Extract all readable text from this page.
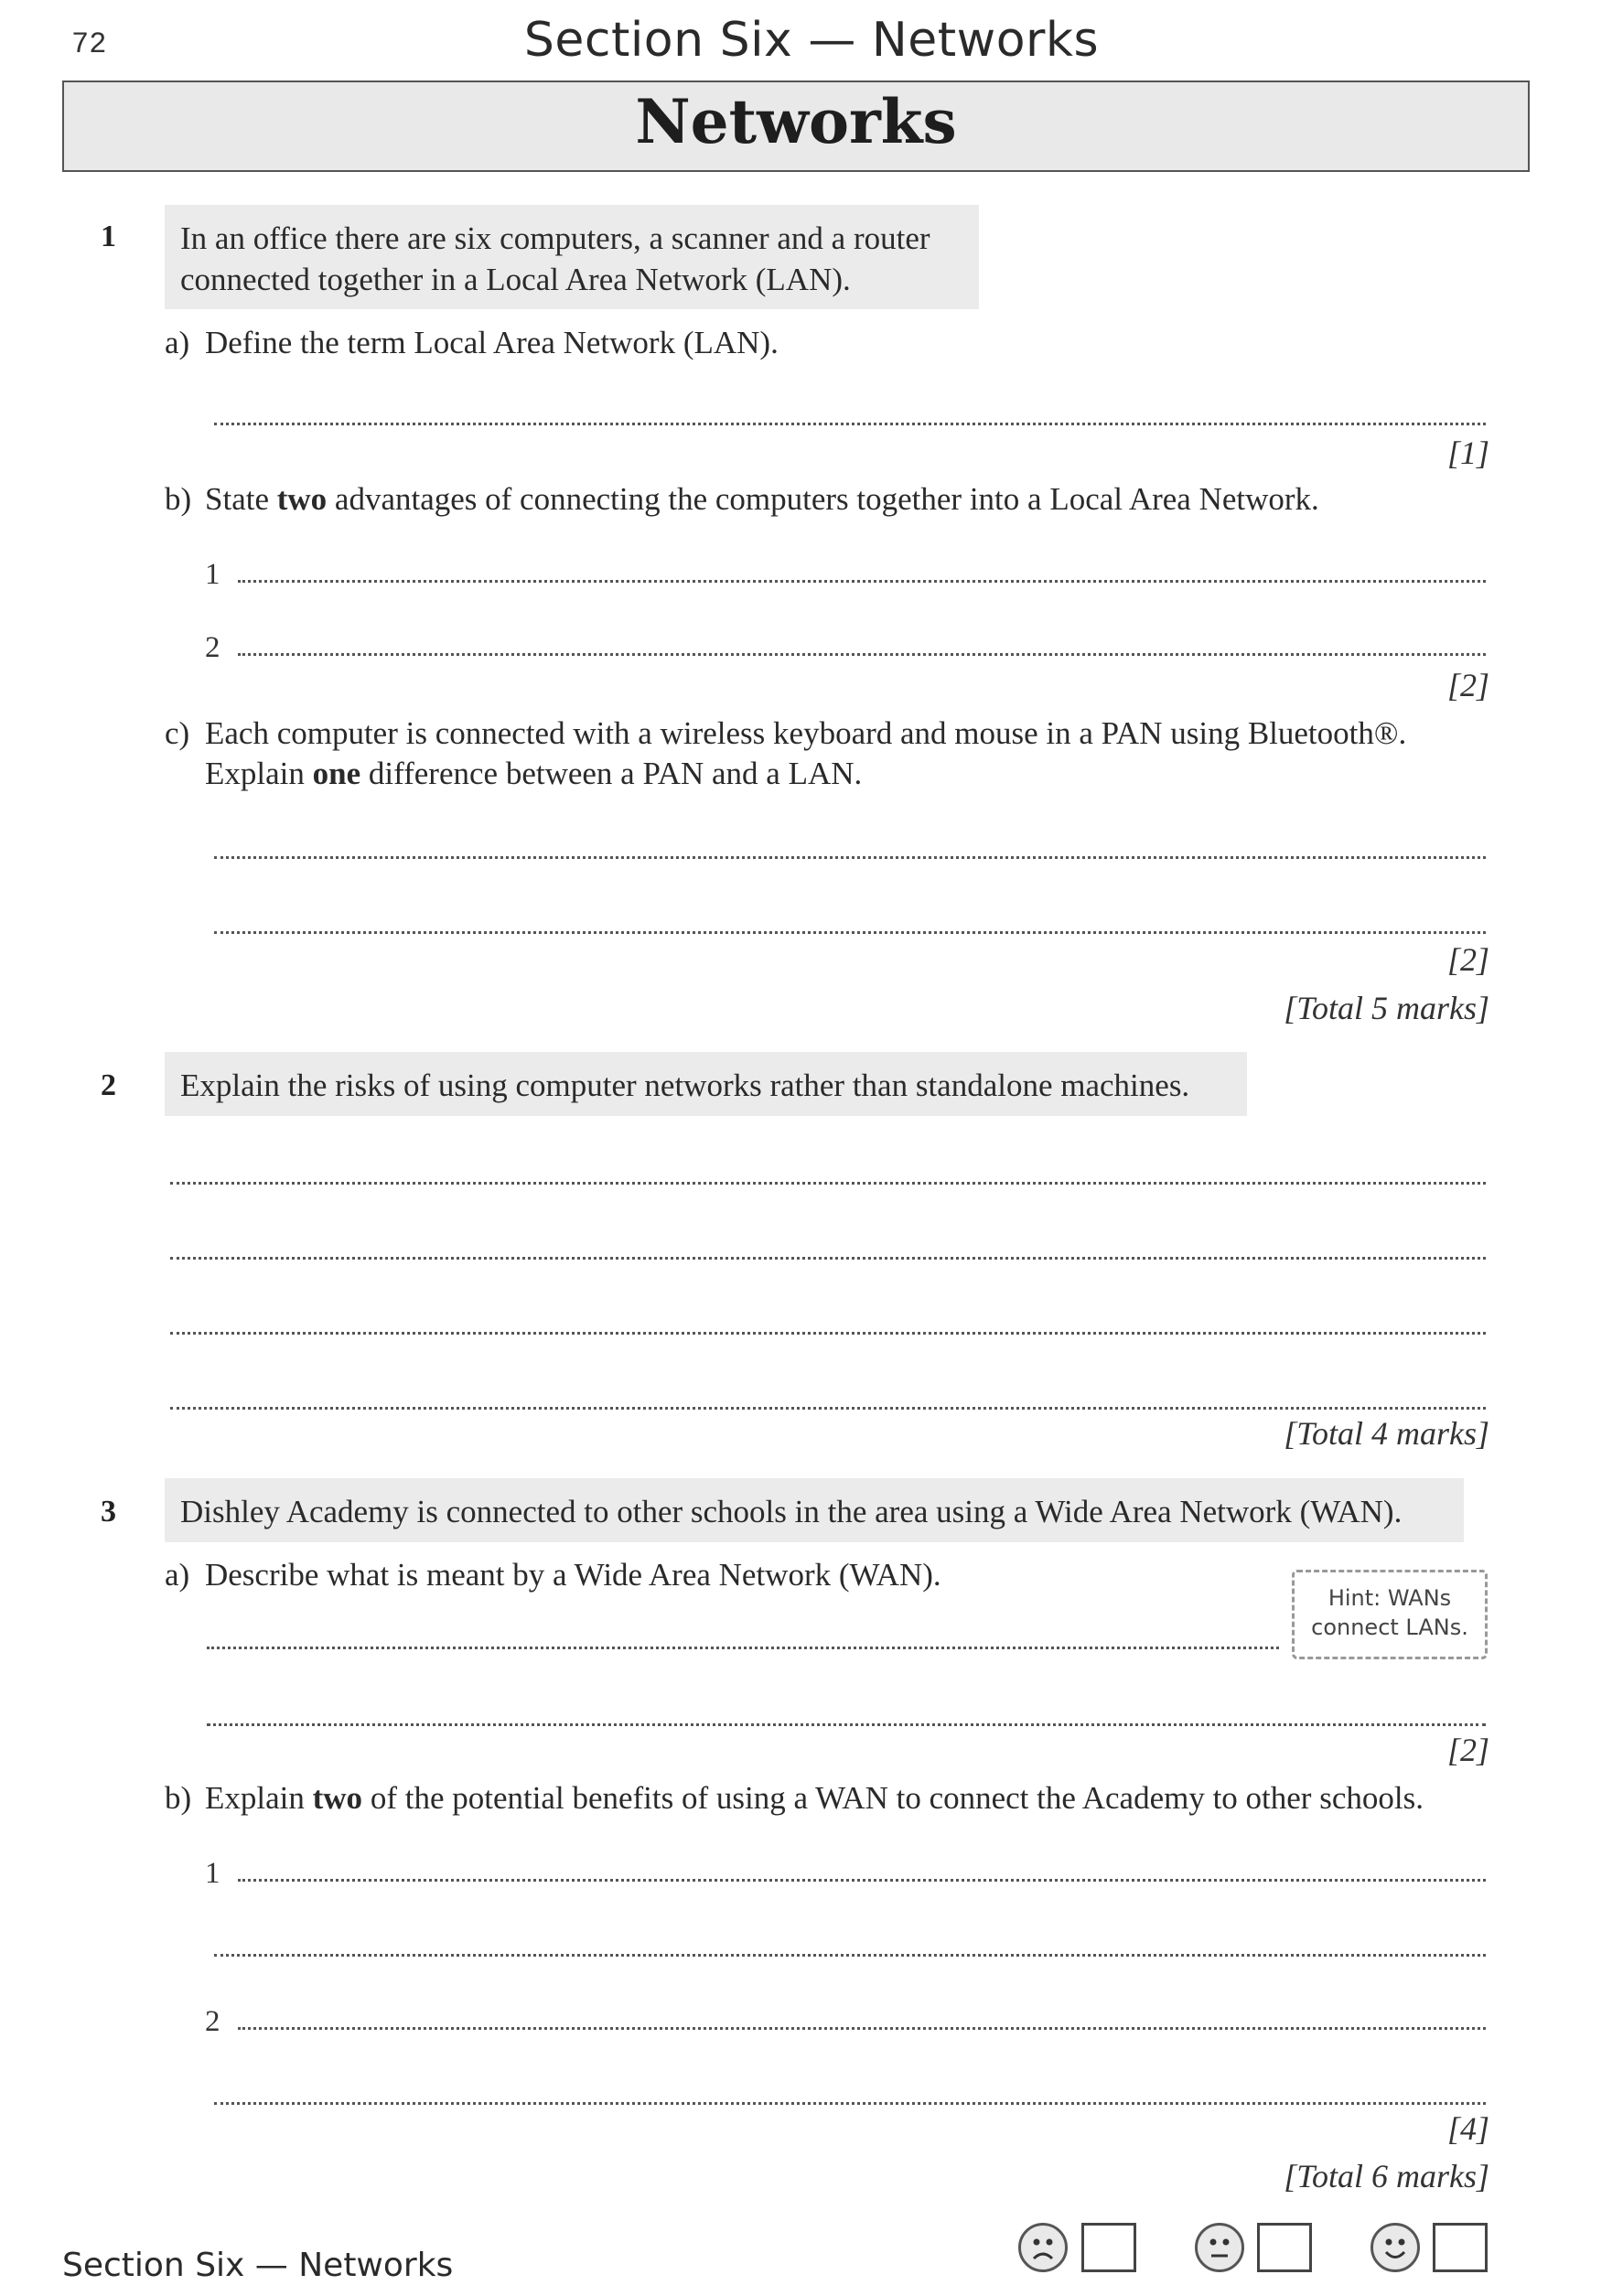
72	Section Six — Networks
Networks
1 In an office there are six computers, a scanner and a router
connected together in a Local Area Network (LAN).
a) Define the term Local Area Network (LAN).
[1]
b) State two advantages of connecting the computers together into a Local Area Network.
1
2
[2]
c) Each computer is connected with a wireless keyboard and mouse in a PAN using Bluetooth®.
Explain one difference between a PAN and a LAN.
[2]
[Total 5 marks]
2 Explain the risks of using computer networks rather than standalone machines.
[Total 4 marks]
3 Dishley Academy is connected to other schools in the area using a Wide Area Network (WAN).
a) Describe what is meant by a Wide Area Network (WAN).
Hint: WANs
connect LANs.
[2]
b) Explain two of the potential benefits of using a WAN to connect the Academy to other schools.
1
2
[4]
[Total 6 marks]
Section Six — Networks
